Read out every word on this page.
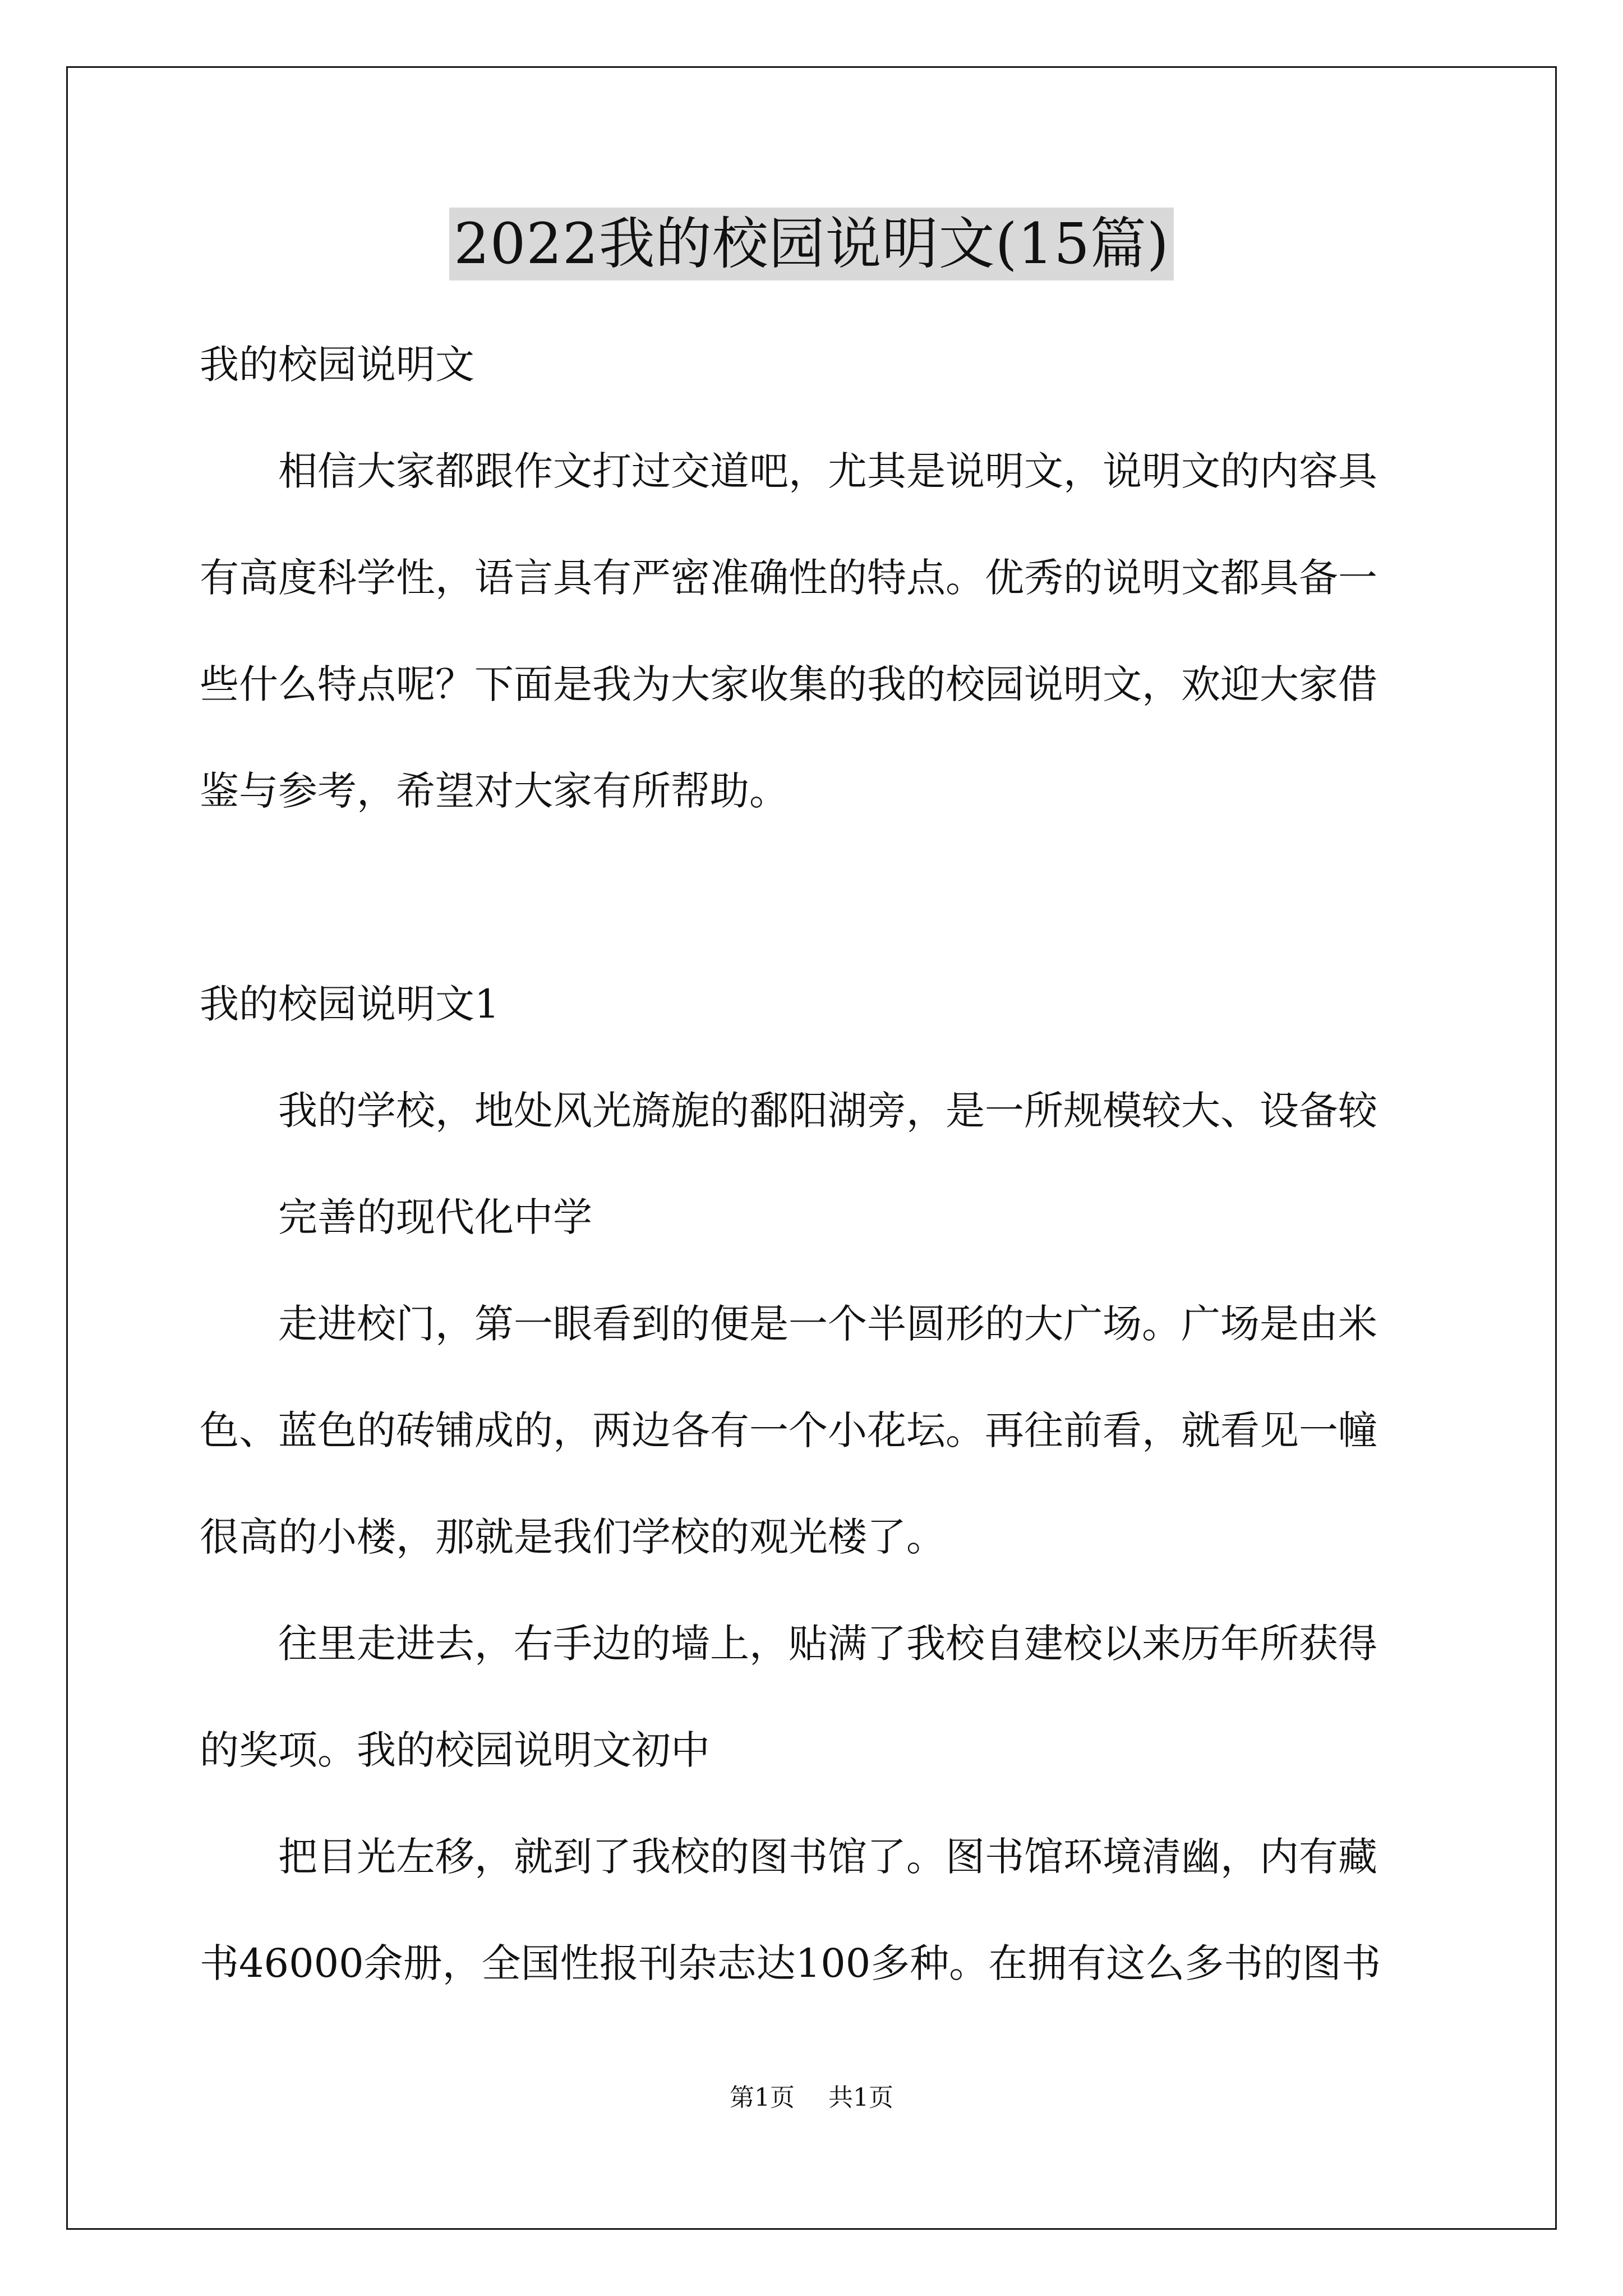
2022我的校园说明文(15篇)
我的校园说明文
相信大家都跟作文打过交道吧，尤其是说明文，说明文的内容具
有高度科学性，语言具有严密准确性的特点。优秀的说明文都具备一
些什么特点呢？下面是我为大家收集的我的校园说明文，欢迎大家借
鉴与参考，希望对大家有所帮助。
我的校园说明文1
我的学校，地处风光旖旎的鄱阳湖旁，是一所规模较大、设备较
完善的现代化中学
走进校门，第一眼看到的便是一个半圆形的大广场。广场是由米
色、蓝色的砖铺成的，两边各有一个小花坛。再往前看，就看见一幢
很高的小楼，那就是我们学校的观光楼了。
往里走进去，右手边的墙上，贴满了我校自建校以来历年所获得
的奖项。我的校园说明文初中
把目光左移，就到了我校的图书馆了。图书馆环境清幽，内有藏
书46000余册，全国性报刊杂志达100多种。在拥有这么多书的图书
第1页 共1页
